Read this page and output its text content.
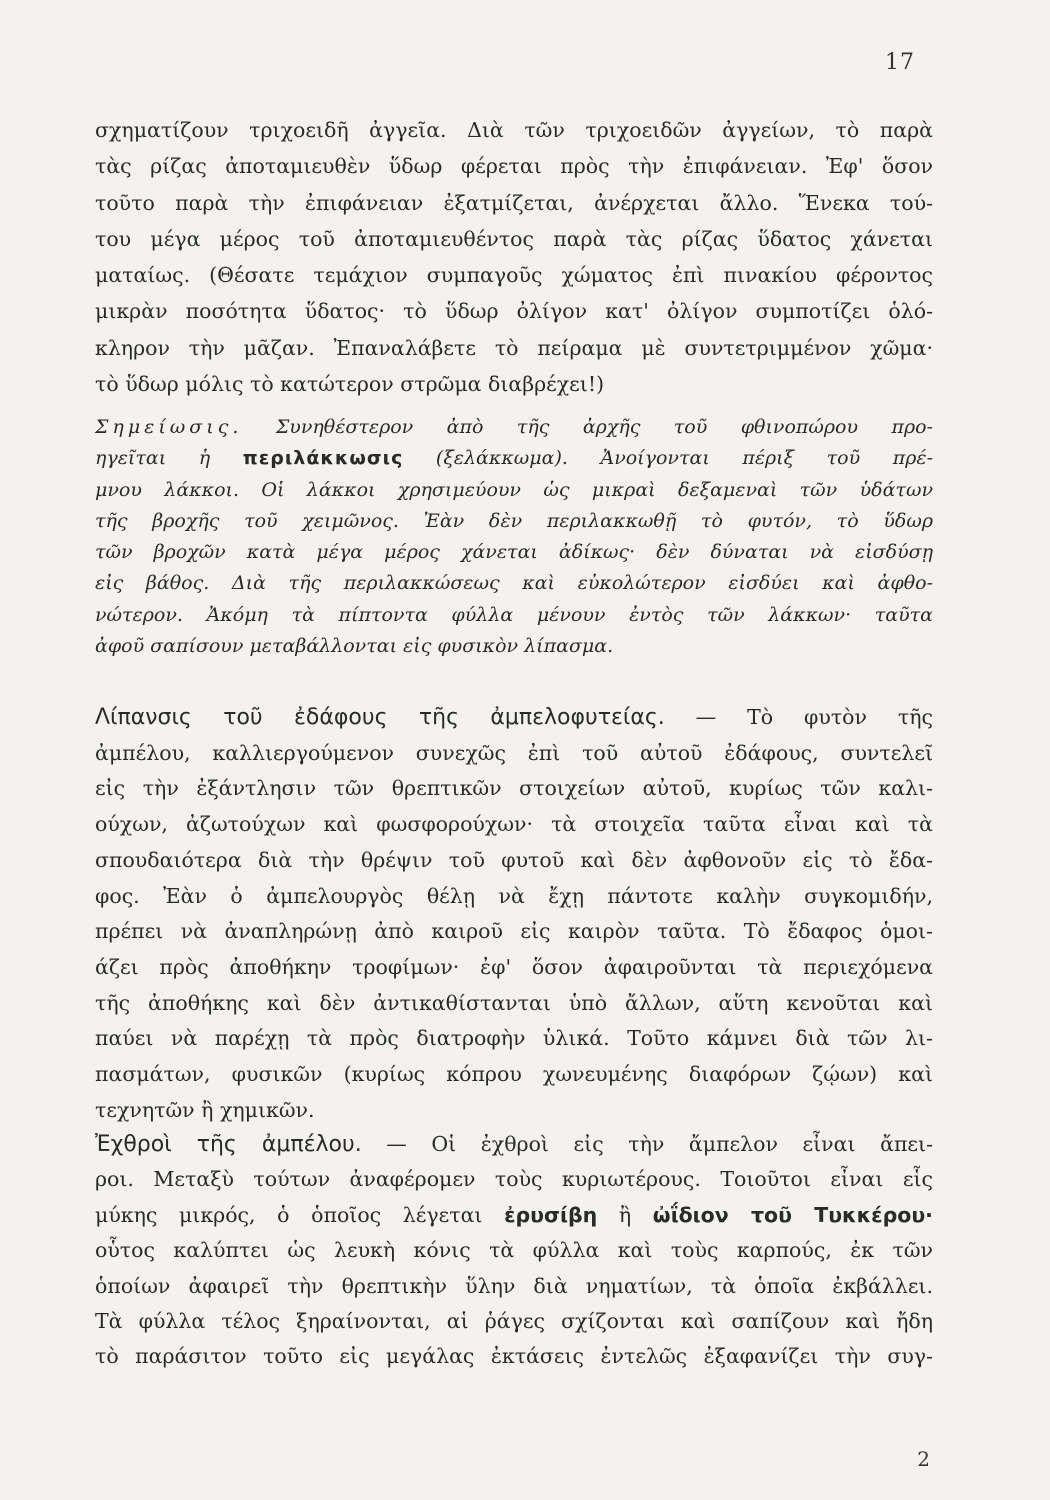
17
σχηματίζουν τριχοειδῆ ἀγγεῖα. Διὰ τῶν τριχοειδῶν ἀγγείων, τὸ παρὰ
τὰς ρίζας ἀποταμιευθὲν ὕδωρ φέρεται πρὸς τὴν ἐπιφάνειαν. Ἐφ' ὅσον
τοῦτο παρὰ τὴν ἐπιφάνειαν ἐξατμίζεται, ἀνέρχεται ἄλλο. Ἕνεκα τού-
του μέγα μέρος τοῦ ἀποταμιευθέντος παρὰ τὰς ρίζας ὕδατος χάνεται
ματαίως. (Θέσατε τεμάχιον συμπαγοῦς χώματος ἐπὶ πινακίου φέροντος
μικρὰν ποσότητα ὕδατος· τὸ ὕδωρ ὀλίγον κατ' ὀλίγον συμποτίζει ὁλό-
κληρον τὴν μᾶζαν. Ἐπαναλάβετε τὸ πείραμα μὲ συντετριμμένον χῶμα·
τὸ ὕδωρ μόλις τὸ κατώτερον στρῶμα διαβρέχει!)
Σημείωσις. Συνηθέστερον ἀπὸ τῆς ἀρχῆς τοῦ φθινοπώρου προ-
ηγεῖται ἡ περιλάκκωσις (ξελάκκωμα). Ἀνοίγονται πέριξ τοῦ πρέ-
μνου λάκκοι. Οἱ λάκκοι χρησιμεύουν ὡς μικραὶ δεξαμεναὶ τῶν ὑδάτων
τῆς βροχῆς τοῦ χειμῶνος. Ἐὰν δὲν περιλακκωθῇ τὸ φυτόν, τὸ ὕδωρ
τῶν βροχῶν κατὰ μέγα μέρος χάνεται ἀδίκως· δὲν δύναται νὰ εἰσδύσῃ
εἰς βάθος. Διὰ τῆς περιλακκώσεως καὶ εὐκολώτερον εἰσδύει καὶ ἀφθο-
νώτερον. Ἀκόμη τὰ πίπτοντα φύλλα μένουν ἐντὸς τῶν λάκκων· ταῦτα
ἀφοῦ σαπίσουν μεταβάλλονται εἰς φυσικὸν λίπασμα.
Λίπανσις τοῦ ἐδάφους τῆς ἀμπελοφυτείας. — Τὸ φυτὸν τῆς
ἀμπέλου, καλλιεργούμενον συνεχῶς ἐπὶ τοῦ αὐτοῦ ἐδάφους, συντελεῖ
εἰς τὴν ἐξάντλησιν τῶν θρεπτικῶν στοιχείων αὐτοῦ, κυρίως τῶν καλι-
ούχων, ἀζωτούχων καὶ φωσφορούχων· τὰ στοιχεῖα ταῦτα εἶναι καὶ τὰ
σπουδαιότερα διὰ τὴν θρέψιν τοῦ φυτοῦ καὶ δὲν ἀφθονοῦν εἰς τὸ ἔδα-
φος. Ἐὰν ὁ ἀμπελουργὸς θέλῃ νὰ ἔχῃ πάντοτε καλὴν συγκομιδήν,
πρέπει νὰ ἀναπληρώνῃ ἀπὸ καιροῦ εἰς καιρὸν ταῦτα. Τὸ ἔδαφος ὁμοι-
άζει πρὸς ἀποθήκην τροφίμων· ἐφ' ὅσον ἀφαιροῦνται τὰ περιεχόμενα
τῆς ἀποθήκης καὶ δὲν ἀντικαθίστανται ὑπὸ ἄλλων, αὕτη κενοῦται καὶ
παύει νὰ παρέχῃ τὰ πρὸς διατροφὴν ὑλικά. Τοῦτο κάμνει διὰ τῶν λι-
πασμάτων, φυσικῶν (κυρίως κόπρου χωνευμένης διαφόρων ζῴων) καὶ
τεχνητῶν ἢ χημικῶν.
Ἐχθροὶ τῆς ἀμπέλου. — Οἱ ἐχθροὶ εἰς τὴν ἄμπελον εἶναι ἄπει-
ροι. Μεταξὺ τούτων ἀναφέρομεν τοὺς κυριωτέρους. Τοιοῦτοι εἶναι εἷς
μύκης μικρός, ὁ ὁποῖος λέγεται ἐρυσίβη ἢ ὠΐδιον τοῦ Τυκκέρου·
οὗτος καλύπτει ὡς λευκὴ κόνις τὰ φύλλα καὶ τοὺς καρπούς, ἐκ τῶν
ὁποίων ἀφαιρεῖ τὴν θρεπτικὴν ὕλην διὰ νηματίων, τὰ ὁποῖα ἐκβάλλει.
Τὰ φύλλα τέλος ξηραίνονται, αἱ ῥάγες σχίζονται καὶ σαπίζουν καὶ ἤδη
τὸ παράσιτον τοῦτο εἰς μεγάλας ἐκτάσεις ἐντελῶς ἐξαφανίζει τὴν συγ-
2
